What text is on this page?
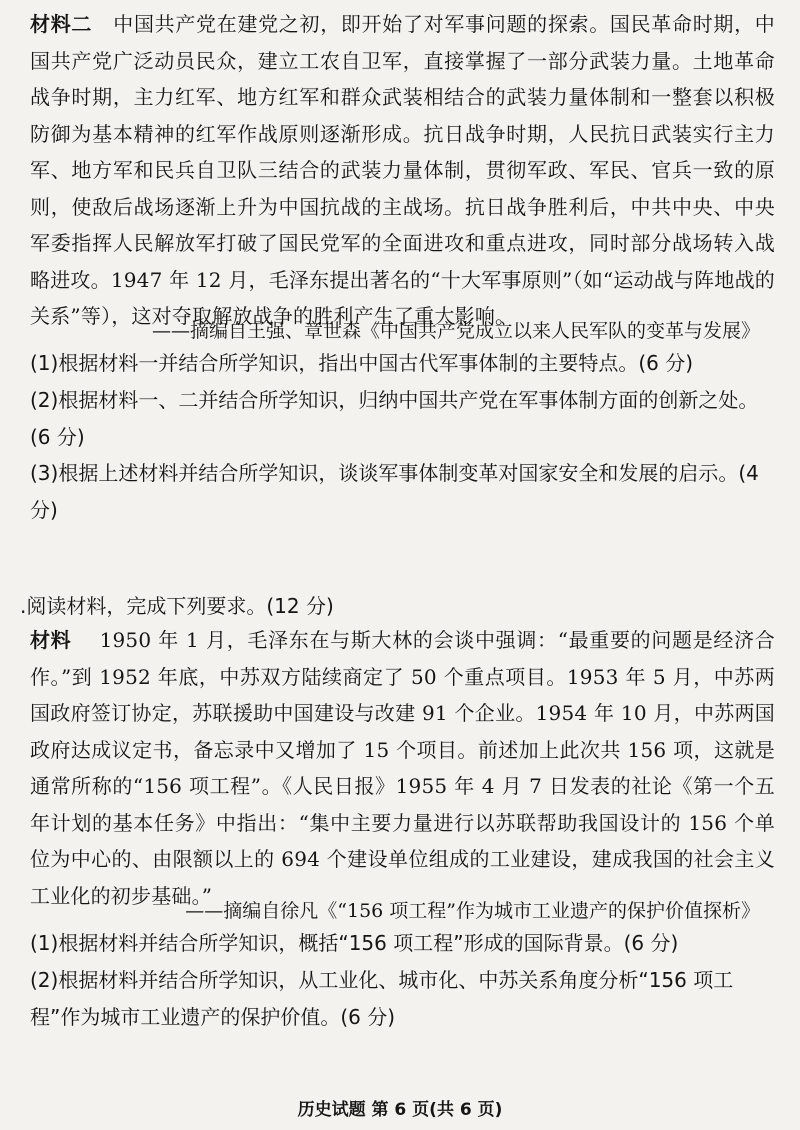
材料二 中国共产党在建党之初，即开始了对军事问题的探索。国民革命时期，中国共产党广泛动员民众，建立工农自卫军，直接掌握了一部分武装力量。土地革命战争时期，主力红军、地方红军和群众武装相结合的武装力量体制和一整套以积极防御为基本精神的红军作战原则逐渐形成。抗日战争时期，人民抗日武装实行主力军、地方军和民兵自卫队三结合的武装力量体制，贯彻军政、军民、官兵一致的原则，使敌后战场逐渐上升为中国抗战的主战场。抗日战争胜利后，中共中央、中央军委指挥人民解放军打破了国民党军的全面进攻和重点进攻，同时部分战场转入战略进攻。1947 年 12 月，毛泽东提出著名的“十大军事原则”（如“运动战与阵地战的关系”等），这对夺取解放战争的胜利产生了重大影响。
——摘编自王强、章世森《中国共产党成立以来人民军队的变革与发展》
(1)根据材料一并结合所学知识，指出中国古代军事体制的主要特点。(6 分)
(2)根据材料一、二并结合所学知识，归纳中国共产党在军事体制方面的创新之处。(6 分)
(3)根据上述材料并结合所学知识，谈谈军事体制变革对国家安全和发展的启示。(4 分)
.阅读材料，完成下列要求。(12 分)
材料 1950 年 1 月，毛泽东在与斯大林的会谈中强调：“最重要的问题是经济合作。”到 1952 年底，中苏双方陆续商定了 50 个重点项目。1953 年 5 月，中苏两国政府签订协定，苏联援助中国建设与改建 91 个企业。1954 年 10 月，中苏两国政府达成议定书，备忘录中又增加了 15 个项目。前述加上此次共 156 项，这就是通常所称的“156 项工程”。《人民日报》1955 年 4 月 7 日发表的社论《第一个五年计划的基本任务》中指出：“集中主要力量进行以苏联帮助我国设计的 156 个单位为中心的、由限额以上的 694 个建设单位组成的工业建设，建成我国的社会主义工业化的初步基础。”
——摘编自徐凡《“156 项工程”作为城市工业遗产的保护价值探析》
(1)根据材料并结合所学知识，概括“156 项工程”形成的国际背景。(6 分)
(2)根据材料并结合所学知识，从工业化、城市化、中苏关系角度分析“156 项工程”作为城市工业遗产的保护价值。(6 分)
历史试题 第 6 页(共 6 页)
